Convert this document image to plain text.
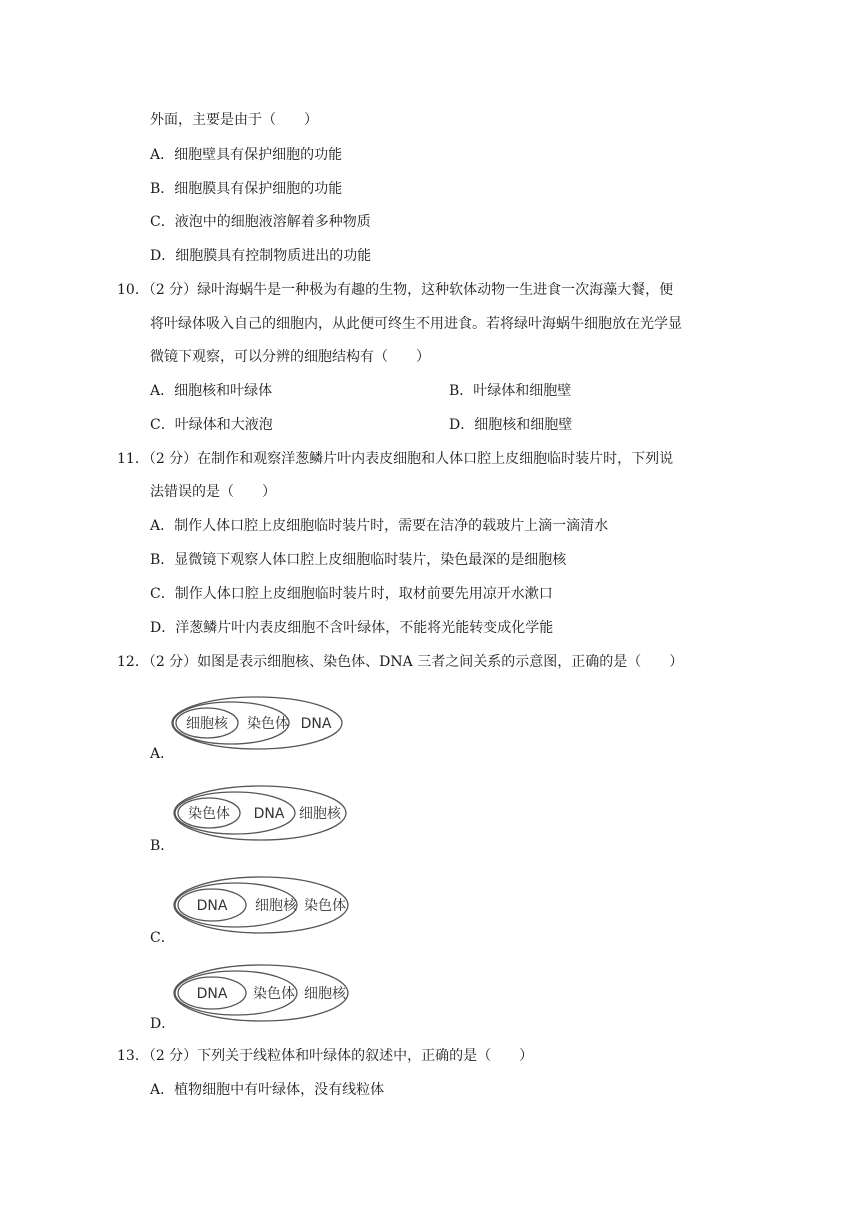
外面，主要是由于（　　）
A．细胞壁具有保护细胞的功能
B．细胞膜具有保护细胞的功能
C．液泡中的细胞液溶解着多种物质
D．细胞膜具有控制物质进出的功能
10．（2 分）绿叶海蜗牛是一种极为有趣的生物，这种软体动物一生进食一次海藻大餐，便
将叶绿体吸入自己的细胞内，从此便可终生不用进食。若将绿叶海蜗牛细胞放在光学显
微镜下观察，可以分辨的细胞结构有（　　）
A．细胞核和叶绿体	B．叶绿体和细胞壁
C．叶绿体和大液泡	D．细胞核和细胞壁
11．（2 分）在制作和观察洋葱鳞片叶内表皮细胞和人体口腔上皮细胞临时装片时，下列说
法错误的是（　　）
A．制作人体口腔上皮细胞临时装片时，需要在洁净的载玻片上滴一滴清水
B．显微镜下观察人体口腔上皮细胞临时装片，染色最深的是细胞核
C．制作人体口腔上皮细胞临时装片时，取材前要先用凉开水漱口
D．洋葱鳞片叶内表皮细胞不含叶绿体，不能将光能转变成化学能
12．（2 分）如图是表示细胞核、染色体、DNA 三者之间关系的示意图，正确的是（　　）
A．
细胞核 染色体 DNA
B．
染色体 DNA 细胞核
C．
DNA 细胞核 染色体
D．
DNA 染色体 细胞核
13．（2 分）下列关于线粒体和叶绿体的叙述中，正确的是（　　）
A．植物细胞中有叶绿体，没有线粒体
